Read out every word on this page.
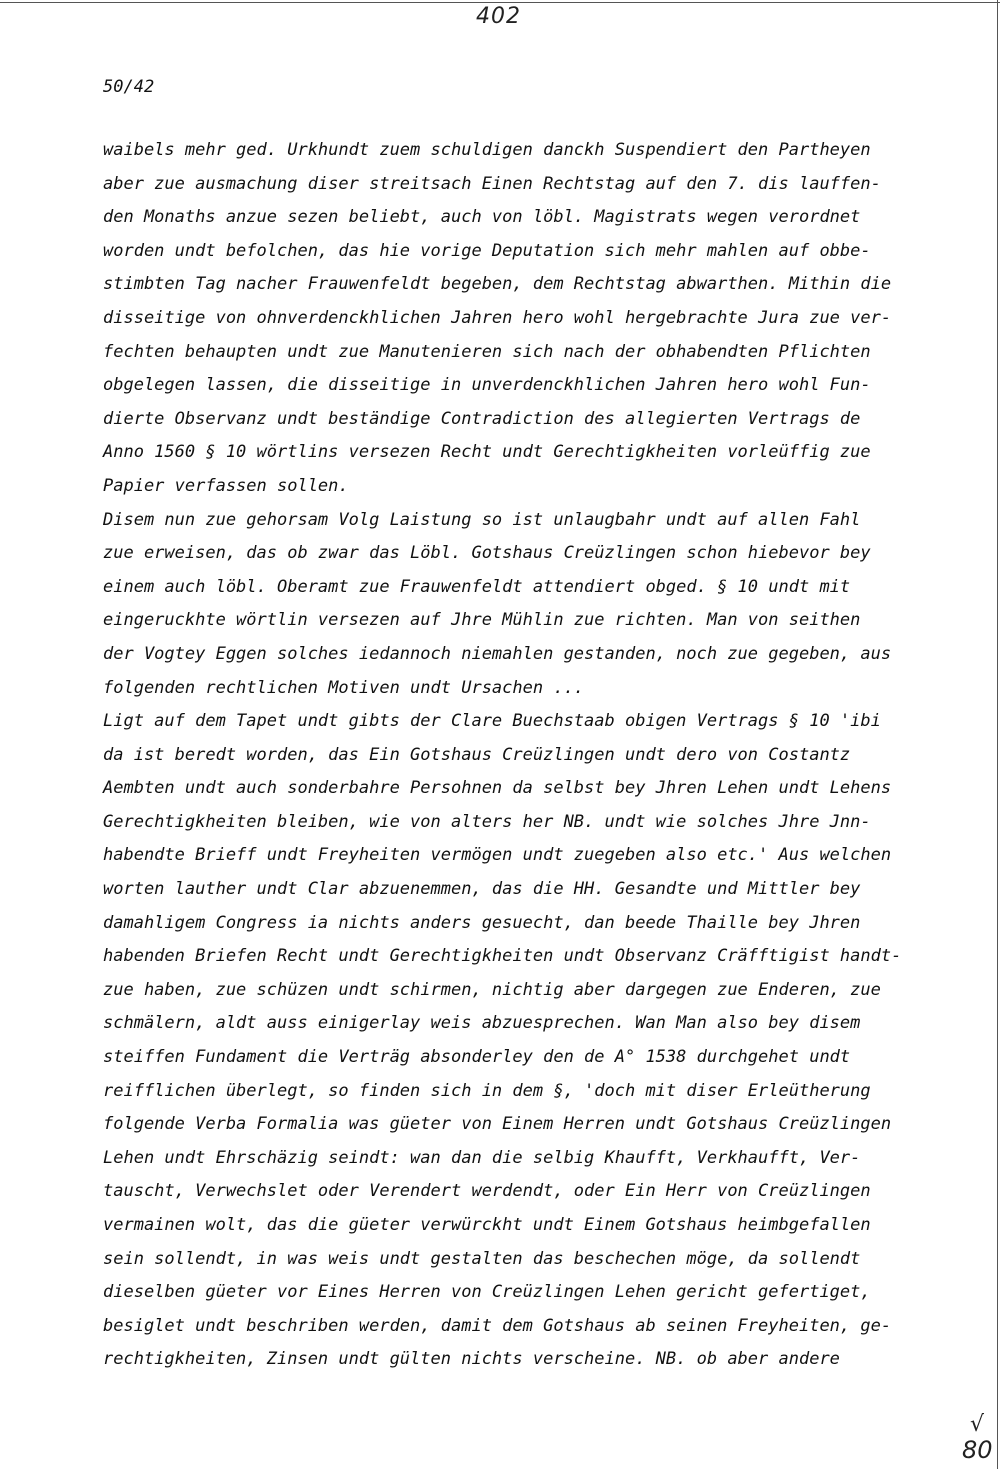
402
50/42
waibels mehr ged. Urkhundt zuem schuldigen danckh Suspendiert den Partheyen
aber zue ausmachung diser streitsach Einen Rechtstag auf den 7. dis lauffen-
den Monaths anzue sezen beliebt, auch von löbl. Magistrats wegen verordnet
worden undt befolchen, das hie vorige Deputation sich mehr mahlen auf obbe-
stimbten Tag nacher Frauwenfeldt begeben, dem Rechtstag abwarthen. Mithin die
disseitige von ohnverdenckhlichen Jahren hero wohl hergebrachte Jura zue ver-
fechten behaupten undt zue Manutenieren sich nach der obhabendten Pflichten
obgelegen lassen, die disseitige in unverdenckhlichen Jahren hero wohl Fun-
dierte Observanz undt beständige Contradiction des allegierten Vertrags de
Anno 1560 § 10 wörtlins versezen Recht undt Gerechtigkheiten vorleüffig zue
Papier verfassen sollen.
Disem nun zue gehorsam Volg Laistung so ist unlaugbahr undt auf allen Fahl
zue erweisen, das ob zwar das Löbl. Gotshaus Creüzlingen schon hiebevor bey
einem auch löbl. Oberamt zue Frauwenfeldt attendiert obged. § 10 undt mit
eingeruckhte wörtlin versezen auf Jhre Mühlin zue richten. Man von seithen
der Vogtey Eggen solches iedannoch niemahlen gestanden, noch zue gegeben, aus
folgenden rechtlichen Motiven undt Ursachen ...
Ligt auf dem Tapet undt gibts der Clare Buechstaab obigen Vertrags § 10 'ibi
da ist beredt worden, das Ein Gotshaus Creüzlingen undt dero von Costantz
Aembten undt auch sonderbahre Persohnen da selbst bey Jhren Lehen undt Lehens
Gerechtigkheiten bleiben, wie von alters her NB. undt wie solches Jhre Jnn-
habendte Brieff undt Freyheiten vermögen undt zuegeben also etc.' Aus welchen
worten lauther undt Clar abzuenemmen, das die HH. Gesandte und Mittler bey
damahligem Congress ia nichts anders gesuecht, dan beede Thaille bey Jhren
habenden Briefen Recht undt Gerechtigkheiten undt Observanz Cräfftigist handt-
zue haben, zue schüzen undt schirmen, nichtig aber dargegen zue Enderen, zue
schmälern, aldt auss einigerlay weis abzuesprechen. Wan Man also bey disem
steiffen Fundament die Verträg absonderley den de A° 1538 durchgehet undt
reifflichen überlegt, so finden sich in dem §, 'doch mit diser Erleütherung
folgende Verba Formalia was güeter von Einem Herren undt Gotshaus Creüzlingen
Lehen undt Ehrschäzig seindt: wan dan die selbig Khaufft, Verkhaufft, Ver-
tauscht, Verwechslet oder Verendert werdendt, oder Ein Herr von Creüzlingen
vermainen wolt, das die güeter verwürckht undt Einem Gotshaus heimbgefallen
sein sollendt, in was weis undt gestalten das beschechen möge, da sollendt
dieselben güeter vor Eines Herren von Creüzlingen Lehen gericht gefertiget,
besiglet undt beschriben werden, damit dem Gotshaus ab seinen Freyheiten, ge-
rechtigkheiten, Zinsen undt gülten nichts verscheine. NB. ob aber andere
√
80
